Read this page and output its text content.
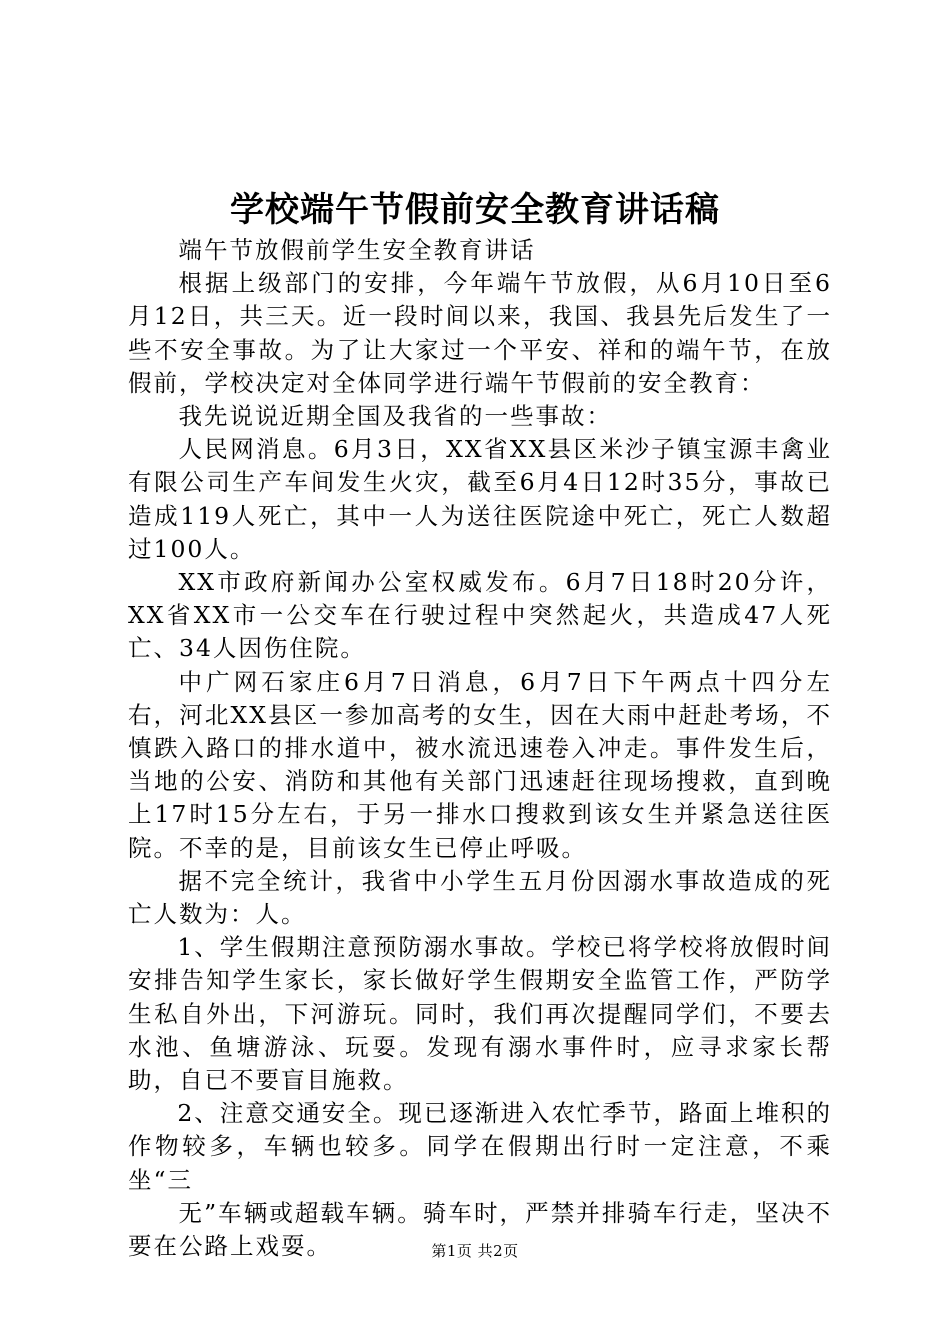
学校端午节假前安全教育讲话稿

端午节放假前学生安全教育讲话

根据上级部门的安排，今年端午节放假，从6月10日至6月12日，共三天。近一段时间以来，我国、我县先后发生了一些不安全事故。为了让大家过一个平安、祥和的端午节，在放假前，学校决定对全体同学进行端午节假前的安全教育：

我先说说近期全国及我省的一些事故：

人民网消息。6月3日，XX省XX县区米沙子镇宝源丰禽业有限公司生产车间发生火灾，截至6月4日12时35分，事故已造成119人死亡，其中一人为送往医院途中死亡，死亡人数超过100人。

XX市政府新闻办公室权威发布。6月7日18时20分许，XX省XX市一公交车在行驶过程中突然起火，共造成47人死亡、34人因伤住院。

中广网石家庄6月7日消息，6月7日下午两点十四分左右，河北XX县区一参加高考的女生，因在大雨中赶赴考场，不慎跌入路口的排水道中，被水流迅速卷入冲走。事件发生后，当地的公安、消防和其他有关部门迅速赶往现场搜救，直到晚上17时15分左右，于另一排水口搜救到该女生并紧急送往医院。不幸的是，目前该女生已停止呼吸。

据不完全统计，我省中小学生五月份因溺水事故造成的死亡人数为：人。

1、学生假期注意预防溺水事故。学校已将学校将放假时间安排告知学生家长，家长做好学生假期安全监管工作，严防学生私自外出，下河游玩。同时，我们再次提醒同学们，不要去水池、鱼塘游泳、玩耍。发现有溺水事件时，应寻求家长帮助，自已不要盲目施救。

2、注意交通安全。现已逐渐进入农忙季节，路面上堆积的作物较多，车辆也较多。同学在假期出行时一定注意，不乘坐“三

无”车辆或超载车辆。骑车时，严禁并排骑车行走，坚决不要在公路上戏耍。	第1页 共2页
